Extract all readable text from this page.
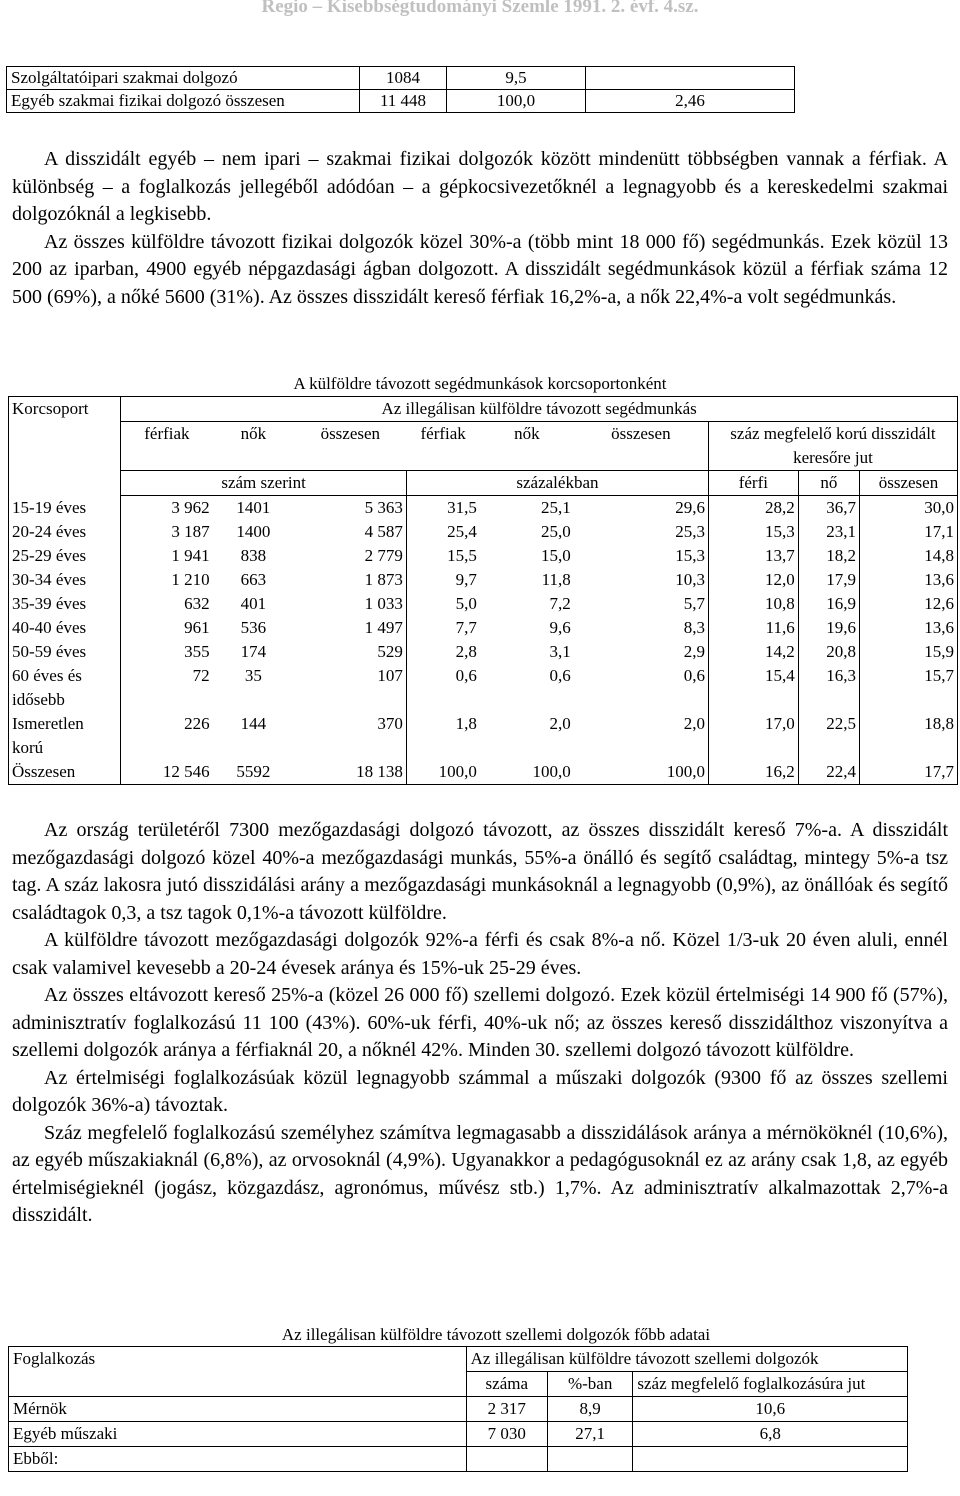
Regio – Kisebbségtudományi Szemle 1991. 2. évf. 4.sz.
Szolgáltatóipari szakmai dolgozó	1084	9,5	
Egyéb szakmai fizikai dolgozó összesen	11 448	100,0	2,46

A disszidált egyéb – nem ipari – szakmai fizikai dolgozók között mindenütt többségben vannak a férfiak. A különbség – a foglalkozás jellegéből adódóan – a gépkocsivezetőknél a legnagyobb és a kereskedelmi szakmai dolgozóknál a legkisebb.

Az összes külföldre távozott fizikai dolgozók közel 30%-a (több mint 18 000 fő) segédmunkás. Ezek közül 13 200 az iparban, 4900 egyéb népgazdasági ágban dolgozott. A disszidált segédmunkások közül a férfiak száma 12 500 (69%), a nőké 5600 (31%). Az összes disszidált kereső férfiak 16,2%-a, a nők 22,4%-a volt segédmunkás.

A külföldre távozott segédmunkások korcsoportonként
Korcsoport	Az illegálisan külföldre távozott segédmunkás								
	férfiak	nők	összesen	férfiak	nők	összesen	száz megfelelő korú disszidált keresőre jut		

	szám szerint			százalékban			férfi	nő	összesen
15-19 éves	3 962	1401	5 363	31,5	25,1	29,6	28,2	36,7	30,0
20-24 éves	3 187	1400	4 587	25,4	25,0	25,3	15,3	23,1	17,1
25-29 éves	1 941	838	2 779	15,5	15,0	15,3	13,7	18,2	14,8
30-34 éves	1 210	663	1 873	9,7	11,8	10,3	12,0	17,9	13,6
35-39 éves	632	401	1 033	5,0	7,2	5,7	10,8	16,9	12,6
40-40 éves	961	536	1 497	7,7	9,6	8,3	11,6	19,6	13,6
50-59 éves	355	174	529	2,8	3,1	2,9	14,2	20,8	15,9
60 éves és idősebb	72	35	107	0,6	0,6	0,6	15,4	16,3	15,7
Ismeretlen korú	226	144	370	1,8	2,0	2,0	17,0	22,5	18,8
Összesen	12 546	5592	18 138	100,0	100,0	100,0	16,2	22,4	17,7

Az ország területéről 7300 mezőgazdasági dolgozó távozott, az összes disszidált kereső 7%-a. A disszidált mezőgazdasági dolgozó közel 40%-a mezőgazdasági munkás, 55%-a önálló és segítő családtag, mintegy 5%-a tsz tag. A száz lakosra jutó disszidálási arány a mezőgazdasági munkásoknál a legnagyobb (0,9%), az önállóak és segítő családtagok 0,3, a tsz tagok 0,1%-a távozott külföldre.

A külföldre távozott mezőgazdasági dolgozók 92%-a férfi és csak 8%-a nő. Közel 1/3-uk 20 éven aluli, ennél csak valamivel kevesebb a 20-24 évesek aránya és 15%-uk 25-29 éves.

Az összes eltávozott kereső 25%-a (közel 26 000 fő) szellemi dolgozó. Ezek közül értelmiségi 14 900 fő (57%), adminisztratív foglalkozású 11 100 (43%). 60%-uk férfi, 40%-uk nő; az összes kereső disszidálthoz viszonyítva a szellemi dolgozók aránya a férfiaknál 20, a nőknél 42%. Minden 30. szellemi dolgozó távozott külföldre.

Az értelmiségi foglalkozásúak közül legnagyobb számmal a műszaki dolgozók (9300 fő az összes szellemi dolgozók 36%-a) távoztak.

Száz megfelelő foglalkozású személyhez számítva legmagasabb a disszidálások aránya a mérnököknél (10,6%), az egyéb műszakiaknál (6,8%), az orvosoknál (4,9%). Ugyanakkor a pedagógusoknál ez az arány csak 1,8, az egyéb értelmiségieknél (jogász, közgazdász, agronómus, művész stb.) 1,7%. Az adminisztratív alkalmazottak 2,7%-a disszidált.

Az illegálisan külföldre távozott szellemi dolgozók főbb adatai
Foglalkozás	Az illegálisan külföldre távozott szellemi dolgozók		
	száma	%-ban	száz megfelelő foglalkozásúra jut
Mérnök	2 317	8,9	10,6
Egyéb műszaki	7 030	27,1	6,8
Ebből:			
